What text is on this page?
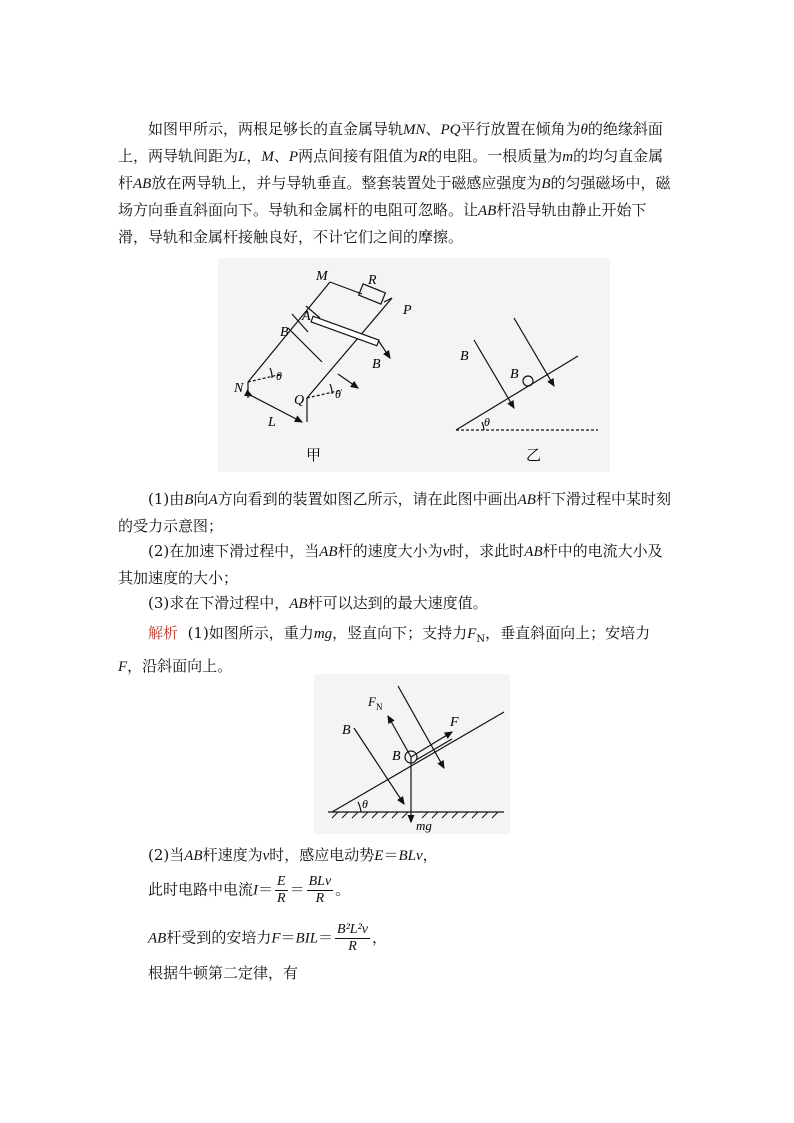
如图甲所示，两根足够长的直金属导轨MN、PQ平行放置在倾角为θ的绝缘斜面上，两导轨间距为L，M、P两点间接有阻值为R的电阻。一根质量为m的均匀直金属杆AB放在两导轨上，并与导轨垂直。整套装置处于磁感应强度为B的匀强磁场中，磁场方向垂直斜面向下。导轨和金属杆的电阻可忽略。让AB杆沿导轨由静止开始下滑，导轨和金属杆接触良好，不计它们之间的摩擦。

M	R
P
A
B
B
N
Q
θ
θ
L
甲
B
B
θ
乙

(1)由B向A方向看到的装置如图乙所示，请在此图中画出AB杆下滑过程中某时刻的受力示意图；

(2)在加速下滑过程中，当AB杆的速度大小为v时，求此时AB杆中的电流大小及其加速度的大小；

(3)求在下滑过程中，AB杆可以达到的最大速度值。

解析 (1)如图所示，重力mg，竖直向下；支持力$F_N$，垂直斜面向上；安培力F，沿斜面向上。

F N
F
B
B
θ
mg
(2)当AB杆速度为v时，感应电动势E＝BLv，
此时电路中电流$I= \frac{E}{R} = \frac{\text{BLv}}{R}$ 。
AB杆受到的安培力$F=BIL= \frac{\text{B²L²v}}{R}$ ，
根据牛顿第二定律，有
